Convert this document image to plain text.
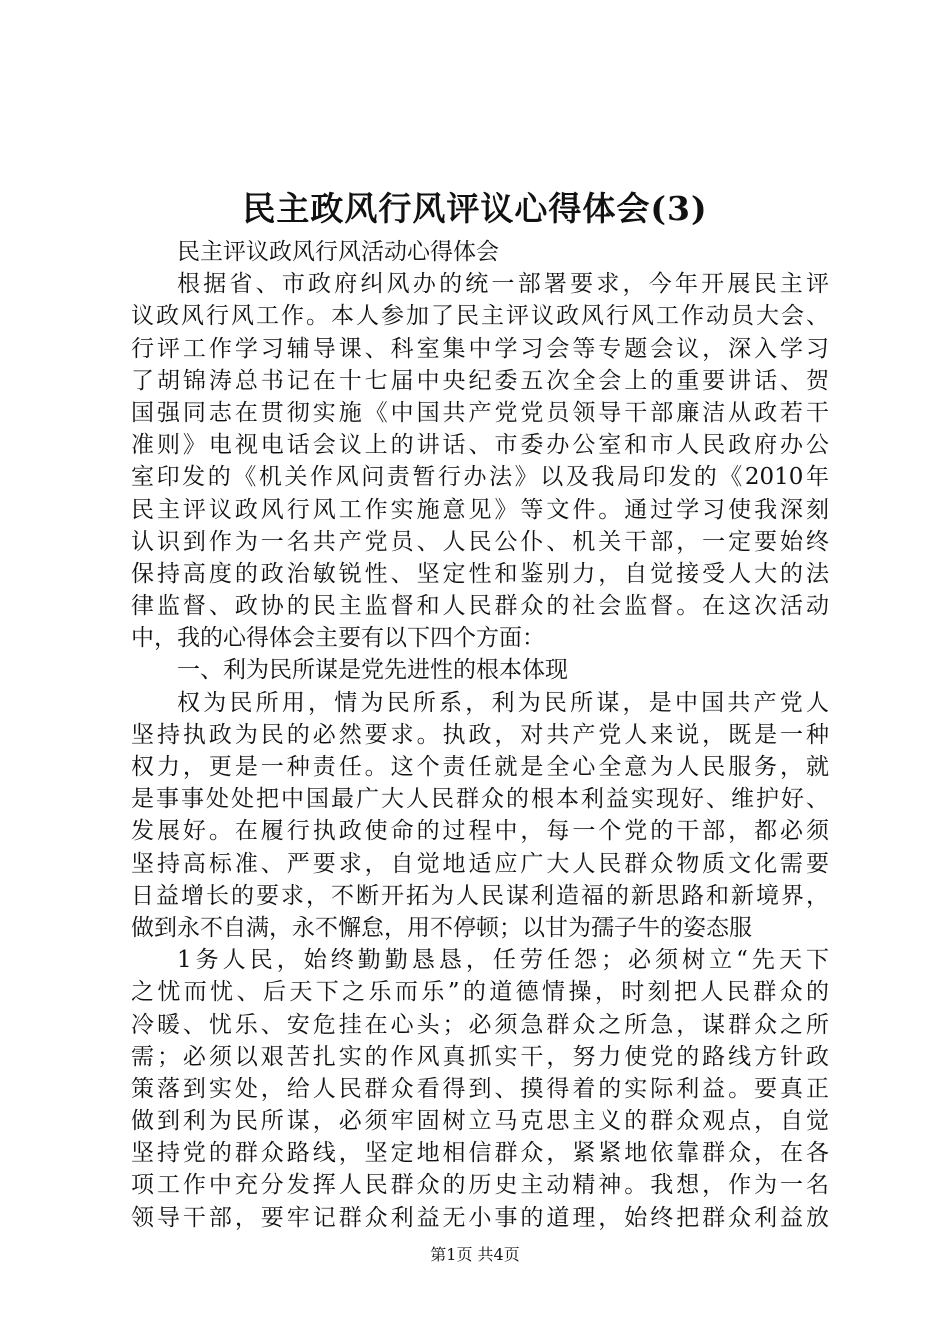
民主政风行风评议心得体会(3)
民主评议政风行风活动心得体会
根据省、市政府纠风办的统一部署要求，今年开展民主评
议政风行风工作。本人参加了民主评议政风行风工作动员大会、
行评工作学习辅导课、科室集中学习会等专题会议，深入学习
了胡锦涛总书记在十七届中央纪委五次全会上的重要讲话、贺
国强同志在贯彻实施《中国共产党党员领导干部廉洁从政若干
准则》电视电话会议上的讲话、市委办公室和市人民政府办公
室印发的《机关作风问责暂行办法》以及我局印发的《2010年
民主评议政风行风工作实施意见》等文件。通过学习使我深刻
认识到作为一名共产党员、人民公仆、机关干部，一定要始终
保持高度的政治敏锐性、坚定性和鉴别力，自觉接受人大的法
律监督、政协的民主监督和人民群众的社会监督。在这次活动
中，我的心得体会主要有以下四个方面：
一、利为民所谋是党先进性的根本体现
权为民所用，情为民所系，利为民所谋，是中国共产党人
坚持执政为民的必然要求。执政，对共产党人来说，既是一种
权力，更是一种责任。这个责任就是全心全意为人民服务，就
是事事处处把中国最广大人民群众的根本利益实现好、维护好、
发展好。在履行执政使命的过程中，每一个党的干部，都必须
坚持高标准、严要求，自觉地适应广大人民群众物质文化需要
日益增长的要求，不断开拓为人民谋利造福的新思路和新境界，
做到永不自满，永不懈怠，用不停顿；以甘为孺子牛的姿态服
1务人民，始终勤勤恳恳，任劳任怨；必须树立“先天下
之忧而忧、后天下之乐而乐”的道德情操，时刻把人民群众的
冷暖、忧乐、安危挂在心头；必须急群众之所急，谋群众之所
需；必须以艰苦扎实的作风真抓实干，努力使党的路线方针政
策落到实处，给人民群众看得到、摸得着的实际利益。要真正
做到利为民所谋，必须牢固树立马克思主义的群众观点，自觉
坚持党的群众路线，坚定地相信群众，紧紧地依靠群众，在各
项工作中充分发挥人民群众的历史主动精神。我想，作为一名
领导干部，要牢记群众利益无小事的道理，始终把群众利益放
第1页 共4页
